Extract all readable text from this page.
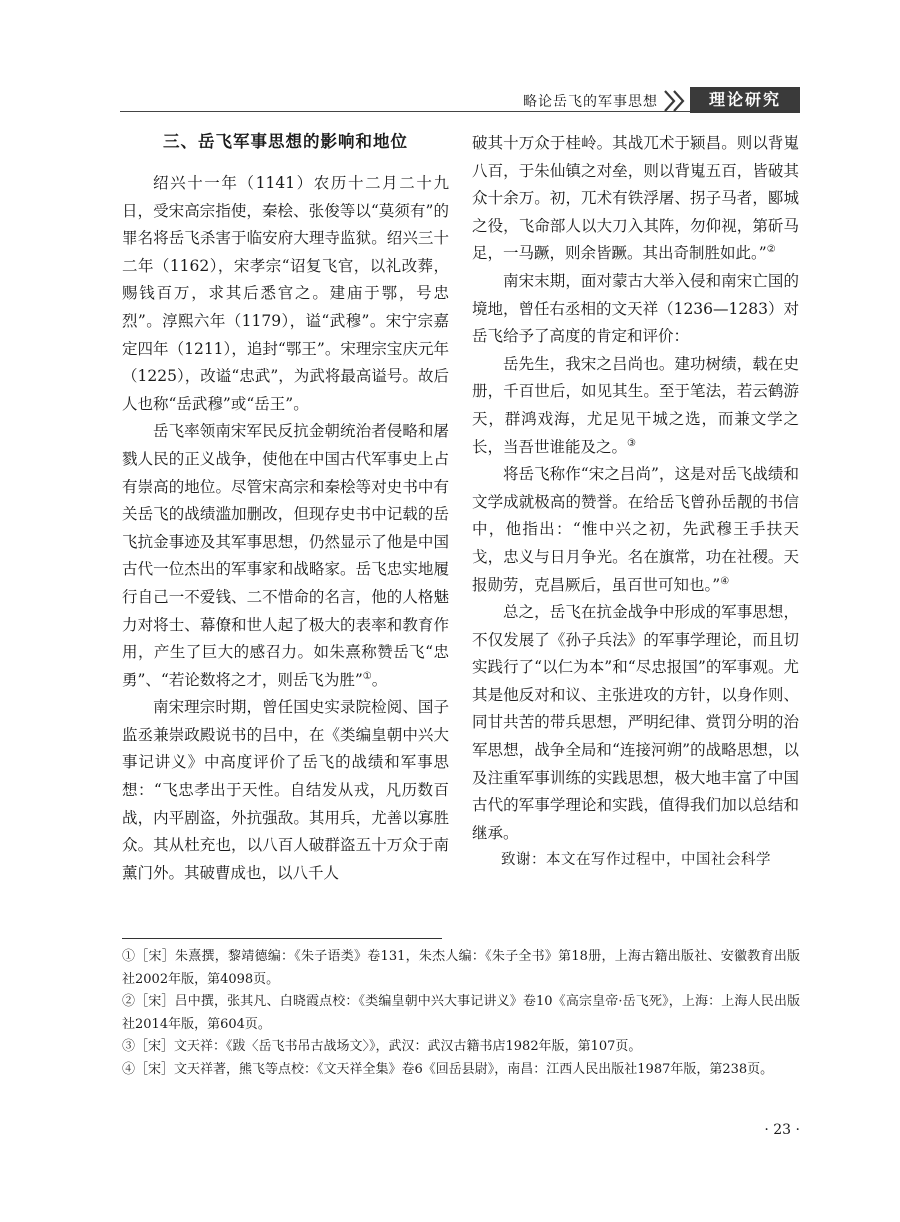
略论岳飞的军事思想	理论研究
三、岳飞军事思想的影响和地位

绍兴十一年（1141）农历十二月二十九日，受宋高宗指使，秦桧、张俊等以“莫须有”的罪名将岳飞杀害于临安府大理寺监狱。绍兴三十二年（1162），宋孝宗“诏复飞官，以礼改葬，赐钱百万，求其后悉官之。建庙于鄂，号忠烈”。淳熙六年（1179），谥“武穆”。宋宁宗嘉定四年（1211），追封“鄂王”。宋理宗宝庆元年（1225），改谥“忠武”，为武将最高谥号。故后人也称“岳武穆”或“岳王”。

岳飞率领南宋军民反抗金朝统治者侵略和屠戮人民的正义战争，使他在中国古代军事史上占有崇高的地位。尽管宋高宗和秦桧等对史书中有关岳飞的战绩滥加删改，但现存史书中记载的岳飞抗金事迹及其军事思想，仍然显示了他是中国古代一位杰出的军事家和战略家。岳飞忠实地履行自己一不爱钱、二不惜命的名言，他的人格魅力对将士、幕僚和世人起了极大的表率和教育作用，产生了巨大的感召力。如朱熹称赞岳飞“忠勇”、“若论数将之才，则岳飞为胜”①。

南宋理宗时期，曾任国史实录院检阅、国子监丞兼崇政殿说书的吕中，在《类编皇朝中兴大事记讲义》中高度评价了岳飞的战绩和军事思想：“飞忠孝出于天性。自结发从戎，凡历数百战，内平剧盗，外抗强敌。其用兵，尤善以寡胜众。其从杜充也，以八百人破群盗五十万众于南薰门外。其破曹成也，以八千人

破其十万众于桂岭。其战兀术于颍昌。则以背嵬八百，于朱仙镇之对垒，则以背嵬五百，皆破其众十余万。初，兀术有铁浮屠、拐子马者，郾城之役，飞命部人以大刀入其阵，勿仰视，第斫马足，一马蹶，则余皆蹶。其出奇制胜如此。”②

南宋末期，面对蒙古大举入侵和南宋亡国的境地，曾任右丞相的文天祥（1236—1283）对岳飞给予了高度的肯定和评价：

岳先生，我宋之吕尚也。建功树绩，载在史册，千百世后，如见其生。至于笔法，若云鹤游天，群鸿戏海，尤足见干城之选，而兼文学之长，当吾世谁能及之。③

将岳飞称作“宋之吕尚”，这是对岳飞战绩和文学成就极高的赞誉。在给岳飞曾孙岳靓的书信中，他指出：“惟中兴之初，先武穆王手扶天戈，忠义与日月争光。名在旗常，功在社稷。天报勋劳，克昌厥后，虽百世可知也。”④

总之，岳飞在抗金战争中形成的军事思想，不仅发展了《孙子兵法》的军事学理论，而且切实践行了“以仁为本”和“尽忠报国”的军事观。尤其是他反对和议、主张进攻的方针，以身作则、同甘共苦的带兵思想，严明纪律、赏罚分明的治军思想，战争全局和“连接河朔”的战略思想，以及注重军事训练的实践思想，极大地丰富了中国古代的军事学理论和实践，值得我们加以总结和继承。

致谢：本文在写作过程中，中国社会科学

①［宋］朱熹撰，黎靖德编：《朱子语类》卷131，朱杰人编：《朱子全书》第18册，上海古籍出版社、安徽教育出版社2002年版，第4098页。

②［宋］吕中撰，张其凡、白晓霞点校：《类编皇朝中兴大事记讲义》卷10《高宗皇帝·岳飞死》，上海：上海人民出版社2014年版，第604页。

③［宋］文天祥：《跋〈岳飞书吊古战场文〉》，武汉：武汉古籍书店1982年版，第107页。

④［宋］文天祥著，熊飞等点校：《文天祥全集》卷6《回岳县尉》，南昌：江西人民出版社1987年版，第238页。

· 23 ·
